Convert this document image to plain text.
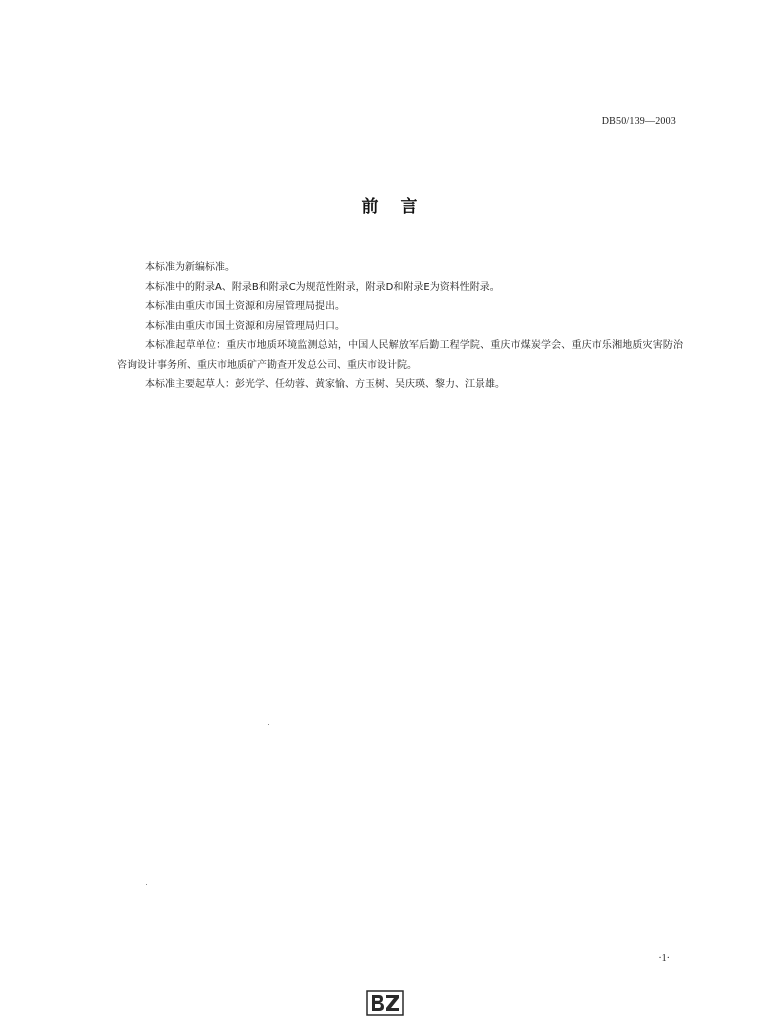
DB50/139—2003
前言

本标准为新编标准。

本标准中的附录A、附录B和附录C为规范性附录，附录D和附录E为资料性附录。

本标准由重庆市国土资源和房屋管理局提出。

本标准由重庆市国土资源和房屋管理局归口。

本标准起草单位：重庆市地质环境监测总站，中国人民解放军后勤工程学院、重庆市煤炭学会、重庆市乐湘地质灾害防治咨询设计事务所、重庆市地质矿产勘查开发总公司、重庆市设计院。

本标准主要起草人：彭光学、任幼蓉、黄家愉、方玉树、吴庆瑛、黎力、江景雄。

·1·
